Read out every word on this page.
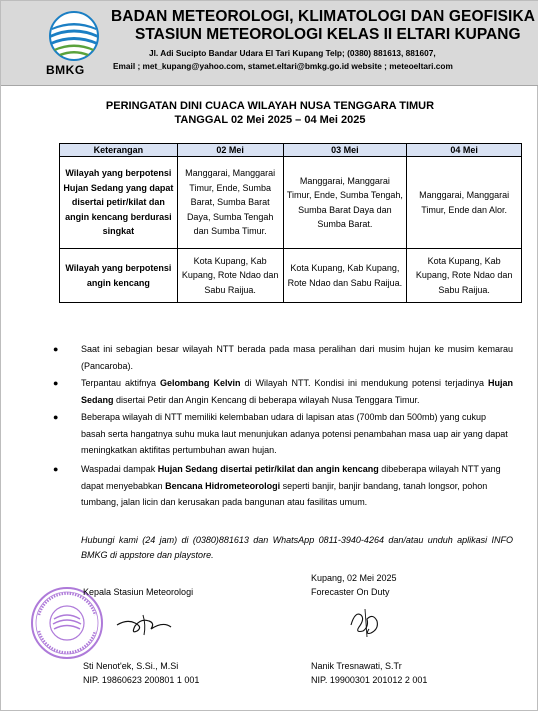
BMKG
BADAN METEOROLOGI, KLIMATOLOGI DAN GEOFISIKA
STASIUN METEOROLOGI KELAS II ELTARI KUPANG
Jl. Adi Sucipto Bandar Udara El Tari Kupang Telp; (0380) 881613, 881607,
Email ; met_kupang@yahoo.com, stamet.eltari@bmkg.go.id website ; meteoeltari.com
PERINGATAN DINI CUACA WILAYAH NUSA TENGGARA TIMUR
TANGGAL 02 Mei 2025 – 04 Mei 2025
Keterangan	02 Mei	03 Mei	04 Mei
Wilayah yang berpotensi Hujan Sedang yang dapat disertai petir/kilat dan angin kencang berdurasi singkat	Manggarai, Manggarai Timur, Ende, Sumba Barat, Sumba Barat Daya, Sumba Tengah dan Sumba Timur.	Manggarai, Manggarai Timur, Ende, Sumba Tengah, Sumba Barat Daya dan Sumba Barat.	Manggarai, Manggarai Timur, Ende dan Alor.
Wilayah yang berpotensi angin kencang	Kota Kupang, Kab Kupang, Rote Ndao dan Sabu Raijua.	Kota Kupang, Kab Kupang, Rote Ndao dan Sabu Raijua.	Kota Kupang, Kab Kupang, Rote Ndao dan Sabu Raijua.
●	Saat ini sebagian besar wilayah NTT berada pada masa peralihan dari musim hujan ke musim kemarau (Pancaroba).
●	Terpantau aktifnya Gelombang Kelvin di Wilayah NTT. Kondisi ini mendukung potensi terjadinya Hujan Sedang disertai Petir dan Angin Kencang di beberapa wilayah Nusa Tenggara Timur.
●	Beberapa wilayah di NTT memiliki kelembaban udara di lapisan atas (700mb dan 500mb) yang cukup basah serta hangatnya suhu muka laut menunjukan adanya potensi penambahan masa uap air yang dapat meningkatkan aktifitas pertumbuhan awan hujan.
●	Waspadai dampak Hujan Sedang disertai petir/kilat dan angin kencang dibeberapa wilayah NTT yang dapat menyebabkan Bencana Hidrometeorologi seperti banjir, banjir bandang, tanah longsor, pohon tumbang, jalan licin dan kerusakan pada bangunan atau fasilitas umum.
Hubungi kami (24 jam) di (0380)881613 dan WhatsApp 0811-3940-4264 dan/atau unduh aplikasi INFO BMKG di appstore dan playstore.
Kupang, 02 Mei 2025
Kepala Stasiun Meteorologi	Forecaster On Duty
Sti Nenot'ek, S.Si., M.Si
NIP. 19860623 200801 1 001
Nanik Tresnawati, S.Tr
NIP. 19900301 201012 2 001
